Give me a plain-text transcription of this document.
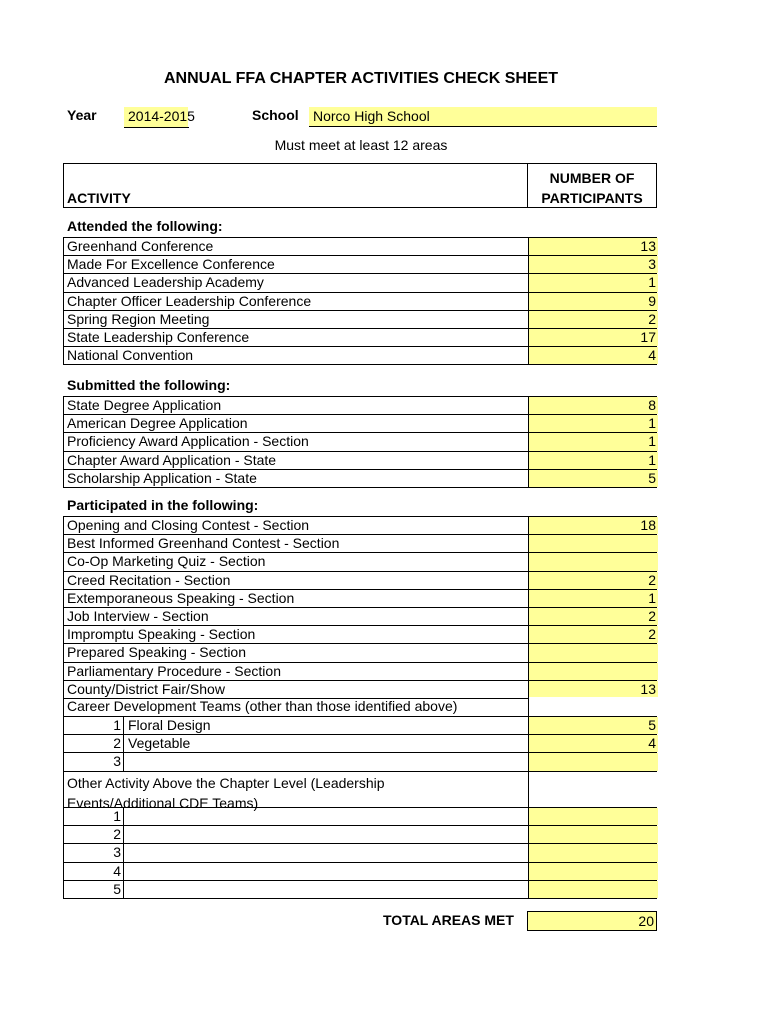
ANNUAL FFA CHAPTER ACTIVITIES CHECK SHEET
Year 2014-2015	School Norco High School
Must meet at least 12 areas
ACTIVITY
NUMBER OF
PARTICIPANTS
Attended the following:
Greenhand Conference	13
Made For Excellence Conference	3
Advanced Leadership Academy	1
Chapter Officer Leadership Conference	9
Spring Region Meeting	2
State Leadership Conference	17
National Convention	4
Submitted the following:
State Degree Application	8
American Degree Application	1
Proficiency Award Application - Section	1
Chapter Award Application - State	1
Scholarship Application - State	5
Participated in the following:
Opening and Closing Contest - Section	18
Best Informed Greenhand Contest - Section
Co-Op Marketing Quiz - Section
Creed Recitation - Section	2
Extemporaneous Speaking - Section	1
Job Interview - Section	2
Impromptu Speaking - Section	2
Prepared Speaking - Section
Parliamentary Procedure - Section
County/District Fair/Show	13
Career Development Teams (other than those identified above)
1 Floral Design	5
2 Vegetable	4
3
Other Activity Above the Chapter Level (Leadership
Events/Additional CDE Teams)
1
2
3
4
5
TOTAL AREAS MET	20
